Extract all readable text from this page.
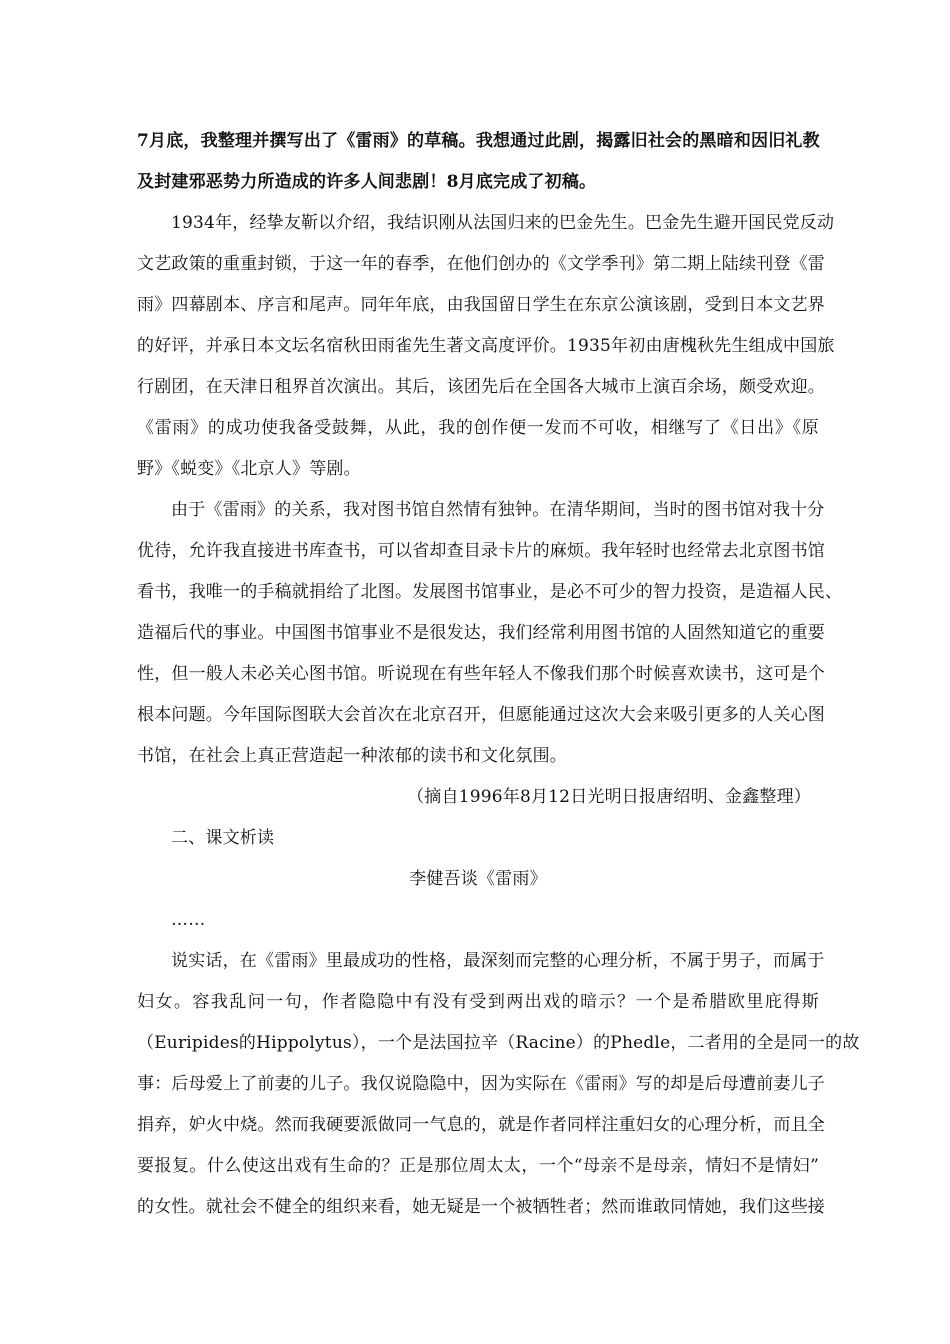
7月底，我整理并撰写出了《雷雨》的草稿。我想通过此剧，揭露旧社会的黑暗和因旧礼教
及封建邪恶势力所造成的许多人间悲剧！8月底完成了初稿。
1934年，经挚友靳以介绍，我结识刚从法国归来的巴金先生。巴金先生避开国民党反动
文艺政策的重重封锁，于这一年的春季，在他们创办的《文学季刊》第二期上陆续刊登《雷
雨》四幕剧本、序言和尾声。同年年底，由我国留日学生在东京公演该剧，受到日本文艺界
的好评，并承日本文坛名宿秋田雨雀先生著文高度评价。1935年初由唐槐秋先生组成中国旅
行剧团，在天津日租界首次演出。其后，该团先后在全国各大城市上演百余场，颇受欢迎。
《雷雨》的成功使我备受鼓舞，从此，我的创作便一发而不可收，相继写了《日出》《原
野》《蜕变》《北京人》等剧。
由于《雷雨》的关系，我对图书馆自然情有独钟。在清华期间，当时的图书馆对我十分
优待，允许我直接进书库查书，可以省却查目录卡片的麻烦。我年轻时也经常去北京图书馆
看书，我唯一的手稿就捐给了北图。发展图书馆事业，是必不可少的智力投资，是造福人民、
造福后代的事业。中国图书馆事业不是很发达，我们经常利用图书馆的人固然知道它的重要
性，但一般人未必关心图书馆。听说现在有些年轻人不像我们那个时候喜欢读书，这可是个
根本问题。今年国际图联大会首次在北京召开，但愿能通过这次大会来吸引更多的人关心图
书馆，在社会上真正营造起一种浓郁的读书和文化氛围。
（摘自1996年8月12日光明日报唐绍明、金鑫整理）
二、课文析读
李健吾谈《雷雨》
……
说实话，在《雷雨》里最成功的性格，最深刻而完整的心理分析，不属于男子，而属于
妇女。容我乱问一句，作者隐隐中有没有受到两出戏的暗示？一个是希腊欧里庇得斯
（Euripides的Hippolytus），一个是法国拉辛（Racine）的Phedle，二者用的全是同一的故
事：后母爱上了前妻的儿子。我仅说隐隐中，因为实际在《雷雨》写的却是后母遭前妻儿子
捐弃，妒火中烧。然而我硬要派做同一气息的，就是作者同样注重妇女的心理分析，而且全
要报复。什么使这出戏有生命的？正是那位周太太，一个“母亲不是母亲，情妇不是情妇”
的女性。就社会不健全的组织来看，她无疑是一个被牺牲者；然而谁敢同情她，我们这些接
